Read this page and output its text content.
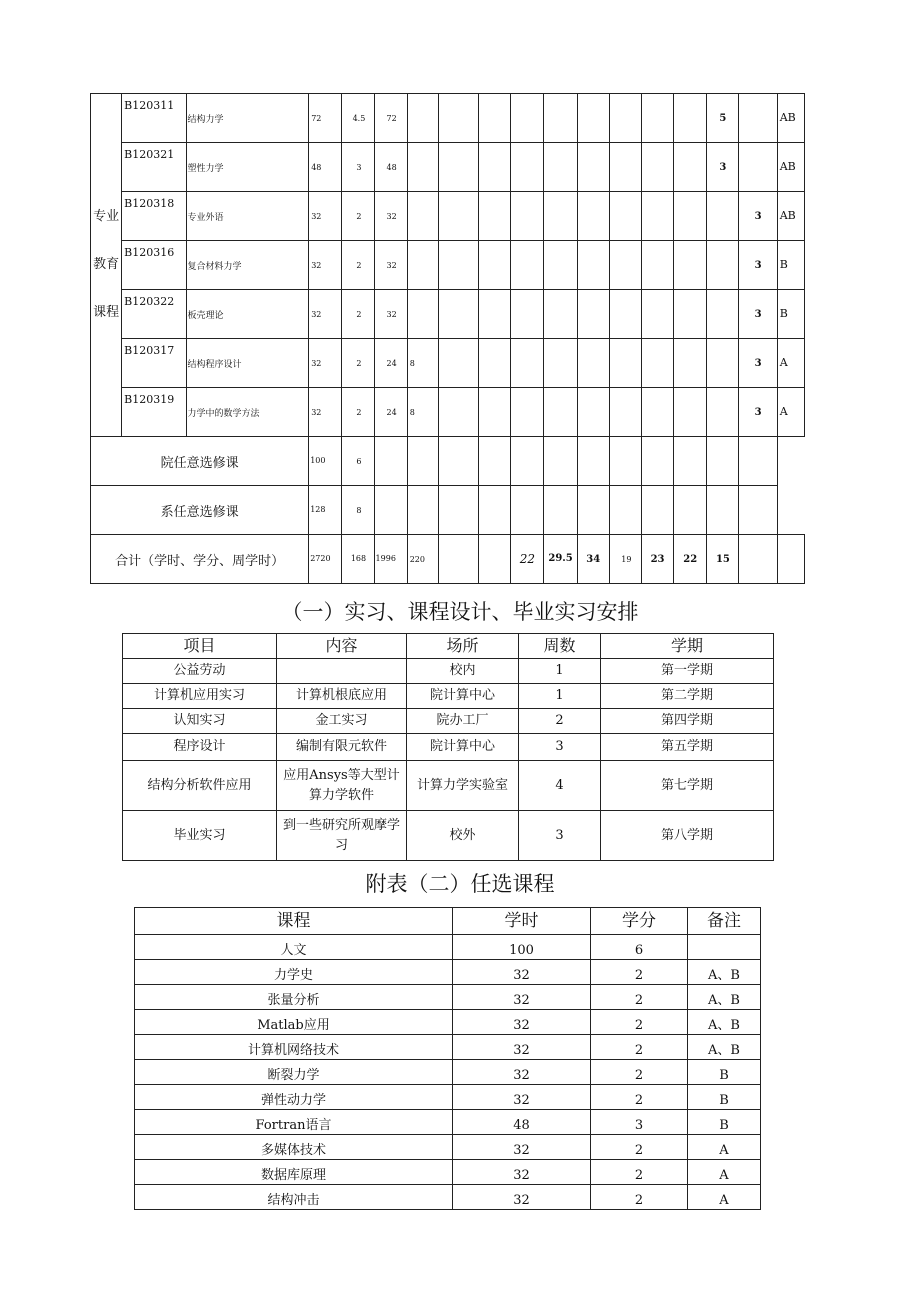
专业教育课程	B120311	结构力学	72	4.5	72										5		AB
	B120321	塑性力学	48	3	48										3		AB
	B120318	专业外语	32	2	32											3	AB
	B120316	复合材料力学	32	2	32											3	B
	B120322	板壳理论	32	2	32											3	B
	B120317	结构程序设计	32	2	24	8										3	A
	B120319	力学中的数学方法	32	2	24	8										3	A
院任意选修课			100	6													
系任意选修课			128	8													
合计（学时、学分、周学时）			2720	168	1996	220			22	29.5	34	19	23	22	15		
（一）实习、课程设计、毕业实习安排
项目	内容	场所	周数	学期
公益劳动		校内	1	第一学期
计算机应用实习	计算机根底应用	院计算中心	1	第二学期
认知实习	金工实习	院办工厂	2	第四学期
程序设计	编制有限元软件	院计算中心	3	第五学期
结构分析软件应用	应用Ansys等大型计算力学软件	计算力学实验室	4	第七学期
毕业实习	到一些研究所观摩学习	校外	3	第八学期
附表（二）任选课程
课程	学时	学分	备注
人文	100	6	
力学史	32	2	A、B
张量分析	32	2	A、B
Matlab应用	32	2	A、B
计算机网络技术	32	2	A、B
断裂力学	32	2	B
弹性动力学	32	2	B
Fortran语言	48	3	B
多媒体技术	32	2	A
数据库原理	32	2	A
结构冲击	32	2	A
